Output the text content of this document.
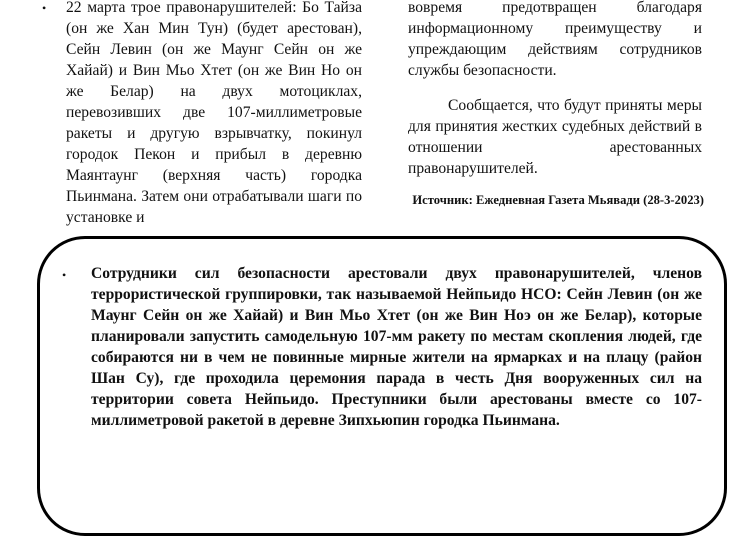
• 22 марта трое правонарушителей: Бо Тайза (он же Хан Мин Тун) (будет арестован), Сейн Левин (он же Маунг Сейн он же Хайай) и Вин Мьо Хтет (он же Вин Но он же Белар) на двух мотоциклах, перевозивших две 107-миллиметровые ракеты и другую взрывчатку, покинул городок Пекон и прибыл в деревню Маянтаунг (верхняя часть) городка Пьинмана. Затем они отрабатывали шаги по установке и

вовремя предотвращен благодаря информационному преимуществу и упреждающим действиям сотрудников службы безопасности.

Сообщается, что будут приняты меры для принятия жестких судебных действий в отношении арестованных правонарушителей.

Источник: Ежедневная Газета Мьявади (28-3-2023)
• Сотрудники сил безопасности арестовали двух правонарушителей, членов террористической группировки, так называемой Нейпьидо НСО: Сейн Левин (он же Маунг Сейн он же Хайай) и Вин Мьо Хтет (он же Вин Ноэ он же Белар), которые планировали запустить самодельную 107-мм ракету по местам скопления людей, где собираются ни в чем не повинные мирные жители на ярмарках и на плацу (район Шан Су), где проходила церемония парада в честь Дня вооруженных сил на территории совета Нейпьидо. Преступники были арестованы вместе со 107-миллиметровой ракетой в деревне Зипхьюпин городка Пьинмана.
